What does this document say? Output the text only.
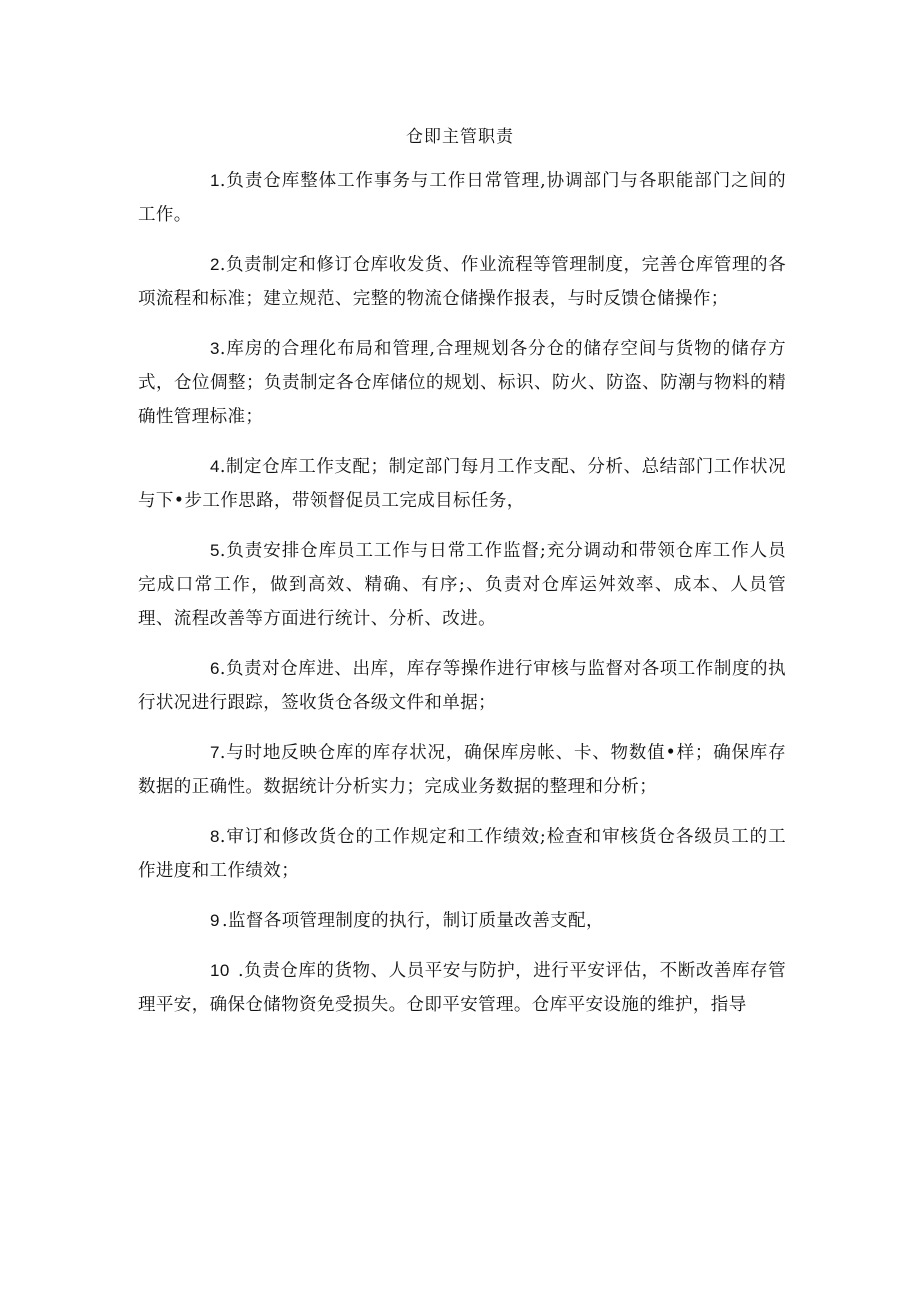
仓即主管职责

1.负责仓库整体工作事务与工作日常管理,协调部门与各职能部门之间的工作。

2.负责制定和修订仓库收发货、作业流程等管理制度，完善仓库管理的各项流程和标准；建立规范、完整的物流仓储操作报表，与时反馈仓储操作；

3.库房的合理化布局和管理,合理规划各分仓的储存空间与货物的储存方式，仓位倜整；负责制定各仓库储位的规划、标识、防火、防盗、防潮与物料的精确性管理标准；

4.制定仓库工作支配；制定部门每月工作支配、分析、总结部门工作状况与下•步工作思路，带领督促员工完成目标任务，

5.负责安排仓库员工工作与日常工作监督;充分调动和带领仓库工作人员完成口常工作，做到高效、精确、有序;、负责对仓库运舛效率、成本、人员管理、流程改善等方面进行统计、分析、改进。

6.负责对仓库进、出库，库存等操作进行审核与监督对各项工作制度的执行状况进行跟踪，签收货仓各级文件和单据；

7.与时地反映仓库的库存状况，确保库房帐、卡、物数值•样；确保库存数据的正确性。数据统计分析实力；完成业务数据的整理和分析；

8.审订和修改货仓的工作规定和工作绩效;检查和审核货仓各级员工的工作进度和工作绩效；

9 .监督各项管理制度的执行，制订质量改善支配，

10 .负责仓库的货物、人员平安与防护，进行平安评估，不断改善库存管理平安，确保仓储物资免受损失。仓即平安管理。仓库平安设施的维护，指导
